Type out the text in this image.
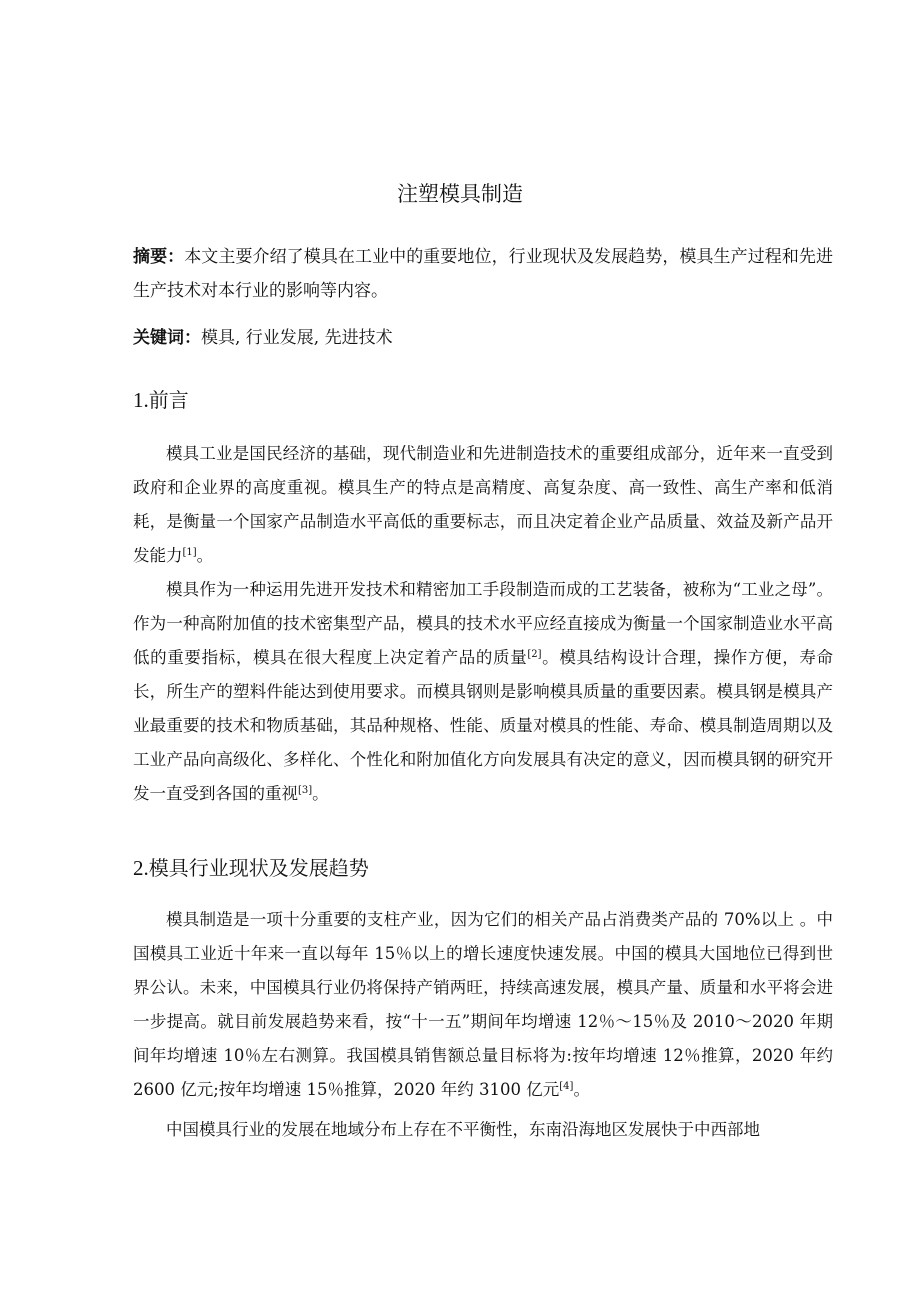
注塑模具制造
摘要：本文主要介绍了模具在工业中的重要地位，行业现状及发展趋势，模具生产过程和先进生产技术对本行业的影响等内容。
关键词：模具, 行业发展, 先进技术
1.前言

模具工业是国民经济的基础，现代制造业和先进制造技术的重要组成部分，近年来一直受到政府和企业界的高度重视。模具生产的特点是高精度、高复杂度、高一致性、高生产率和低消耗，是衡量一个国家产品制造水平高低的重要标志，而且决定着企业产品质量、效益及新产品开发能力[1]。

模具作为一种运用先进开发技术和精密加工手段制造而成的工艺装备，被称为“工业之母”。作为一种高附加值的技术密集型产品，模具的技术水平应经直接成为衡量一个国家制造业水平高低的重要指标，模具在很大程度上决定着产品的质量[2]。模具结构设计合理，操作方便，寿命长，所生产的塑料件能达到使用要求。而模具钢则是影响模具质量的重要因素。模具钢是模具产业最重要的技术和物质基础，其品种规格、性能、质量对模具的性能、寿命、模具制造周期以及工业产品向高级化、多样化、个性化和附加值化方向发展具有决定的意义，因而模具钢的研究开发一直受到各国的重视[3]。

2.模具行业现状及发展趋势

模具制造是一项十分重要的支柱产业，因为它们的相关产品占消费类产品的 70%以上 。中国模具工业近十年来一直以每年 15％以上的增长速度快速发展。中国的模具大国地位已得到世界公认。未来，中国模具行业仍将保持产销两旺，持续高速发展，模具产量、质量和水平将会进一步提高。就目前发展趋势来看，按“十一五”期间年均增速 12％～15％及 2010～2020 年期间年均增速 10％左右测算。我国模具销售额总量目标将为:按年均增速 12％推算，2020 年约 2600 亿元;按年均增速 15％推算，2020 年约 3100 亿元[4]。

中国模具行业的发展在地域分布上存在不平衡性，东南沿海地区发展快于中西部地
